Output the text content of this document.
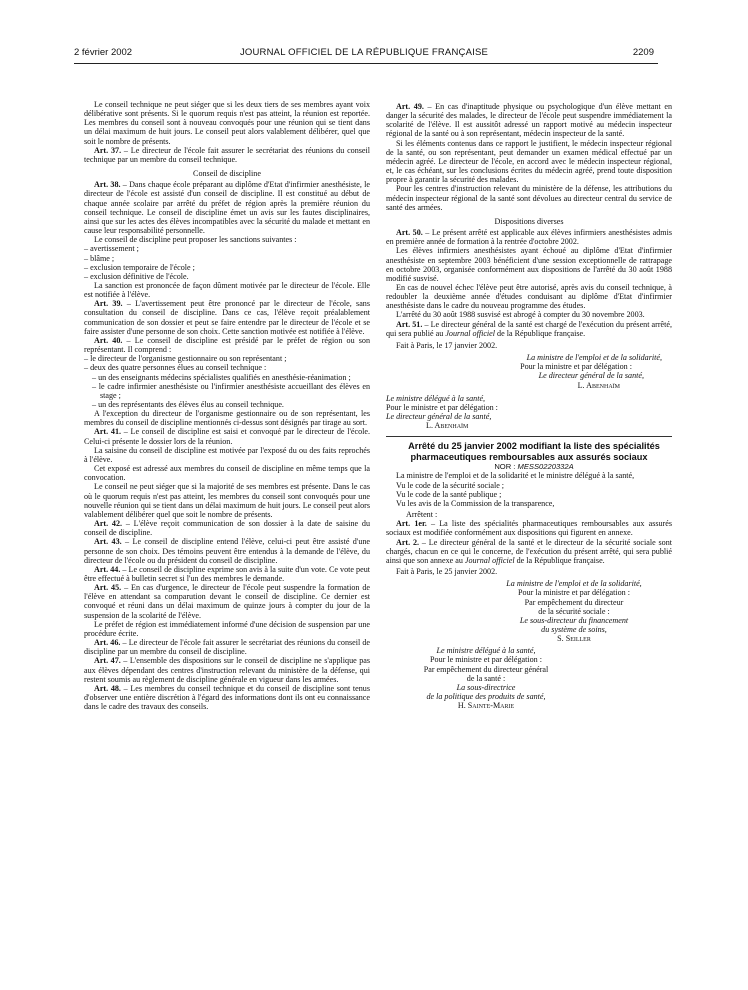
2 février 2002	JOURNAL OFFICIEL DE LA RÉPUBLIQUE FRANÇAISE	2209

Le conseil technique ne peut siéger que si les deux tiers de ses membres ayant voix délibérative sont présents. Si le quorum requis n'est pas atteint, la réunion est reportée. Les membres du conseil sont à nouveau convoqués pour une réunion qui se tient dans un délai maximum de huit jours. Le conseil peut alors valablement délibérer, quel que soit le nombre de présents.

Art. 37. – Le directeur de l'école fait assurer le secrétariat des réunions du conseil technique par un membre du conseil technique.

Conseil de discipline

Art. 38. – Dans chaque école préparant au diplôme d'Etat d'infirmier anesthésiste, le directeur de l'école est assisté d'un conseil de discipline. Il est constitué au début de chaque année scolaire par arrêté du préfet de région après la première réunion du conseil technique. Le conseil de discipline émet un avis sur les fautes disciplinaires, ainsi que sur les actes des élèves incompatibles avec la sécurité du malade et mettant en cause leur responsabilité personnelle.

Le conseil de discipline peut proposer les sanctions suivantes :

– avertissement ;

– blâme ;

– exclusion temporaire de l'école ;

– exclusion définitive de l'école.

La sanction est prononcée de façon dûment motivée par le directeur de l'école. Elle est notifiée à l'élève.

Art. 39. – L'avertissement peut être prononcé par le directeur de l'école, sans consultation du conseil de discipline. Dans ce cas, l'élève reçoit préalablement communication de son dossier et peut se faire entendre par le directeur de l'école et se faire assister d'une personne de son choix. Cette sanction motivée est notifiée à l'élève.

Art. 40. – Le conseil de discipline est présidé par le préfet de région ou son représentant. Il comprend :

– le directeur de l'organisme gestionnaire ou son représentant ;

– deux des quatre personnes élues au conseil technique :

– un des enseignants médecins spécialistes qualifiés en anesthésie-réanimation ;

– le cadre infirmier anesthésiste ou l'infirmier anesthésiste accueillant des élèves en stage ;

– un des représentants des élèves élus au conseil technique.

A l'exception du directeur de l'organisme gestionnaire ou de son représentant, les membres du conseil de discipline mentionnés ci-dessus sont désignés par tirage au sort.

Art. 41. – Le conseil de discipline est saisi et convoqué par le directeur de l'école. Celui-ci présente le dossier lors de la réunion.

La saisine du conseil de discipline est motivée par l'exposé du ou des faits reprochés à l'élève.

Cet exposé est adressé aux membres du conseil de discipline en même temps que la convocation.

Le conseil ne peut siéger que si la majorité de ses membres est présente. Dans le cas où le quorum requis n'est pas atteint, les membres du conseil sont convoqués pour une nouvelle réunion qui se tient dans un délai maximum de huit jours. Le conseil peut alors valablement délibérer quel que soit le nombre de présents.

Art. 42. – L'élève reçoit communication de son dossier à la date de saisine du conseil de discipline.

Art. 43. – Le conseil de discipline entend l'élève, celui-ci peut être assisté d'une personne de son choix. Des témoins peuvent être entendus à la demande de l'élève, du directeur de l'école ou du président du conseil de discipline.

Art. 44. – Le conseil de discipline exprime son avis à la suite d'un vote. Ce vote peut être effectué à bulletin secret si l'un des membres le demande.

Art. 45. – En cas d'urgence, le directeur de l'école peut suspendre la formation de l'élève en attendant sa comparution devant le conseil de discipline. Ce dernier est convoqué et réuni dans un délai maximum de quinze jours à compter du jour de la suspension de la scolarité de l'élève.

Le préfet de région est immédiatement informé d'une décision de suspension par une procédure écrite.

Art. 46. – Le directeur de l'école fait assurer le secrétariat des réunions du conseil de discipline par un membre du conseil de discipline.

Art. 47. – L'ensemble des dispositions sur le conseil de discipline ne s'applique pas aux élèves dépendant des centres d'instruction relevant du ministère de la défense, qui restent soumis au règlement de discipline générale en vigueur dans les armées.

Art. 48. – Les membres du conseil technique et du conseil de discipline sont tenus d'observer une entière discrétion à l'égard des informations dont ils ont eu connaissance dans le cadre des travaux des conseils.

Art. 49. – En cas d'inaptitude physique ou psychologique d'un élève mettant en danger la sécurité des malades, le directeur de l'école peut suspendre immédiatement la scolarité de l'élève. Il est aussitôt adressé un rapport motivé au médecin inspecteur régional de la santé ou à son représentant, médecin inspecteur de la santé.

Si les éléments contenus dans ce rapport le justifient, le médecin inspecteur régional de la santé, ou son représentant, peut demander un examen médical effectué par un médecin agréé. Le directeur de l'école, en accord avec le médecin inspecteur régional, et, le cas échéant, sur les conclusions écrites du médecin agréé, prend toute disposition propre à garantir la sécurité des malades.

Pour les centres d'instruction relevant du ministère de la défense, les attributions du médecin inspecteur régional de la santé sont dévolues au directeur central du service de santé des armées.

Dispositions diverses

Art. 50. – Le présent arrêté est applicable aux élèves infirmiers anesthésistes admis en première année de formation à la rentrée d'octobre 2002.

Les élèves infirmiers anesthésistes ayant échoué au diplôme d'Etat d'infirmier anesthésiste en septembre 2003 bénéficient d'une session exceptionnelle de rattrapage en octobre 2003, organisée conformément aux dispositions de l'arrêté du 30 août 1988 modifié susvisé.

En cas de nouvel échec l'élève peut être autorisé, après avis du conseil technique, à redoubler la deuxième année d'études conduisant au diplôme d'Etat d'infirmier anesthésiste dans le cadre du nouveau programme des études.

L'arrêté du 30 août 1988 susvisé est abrogé à compter du 30 novembre 2003.

Art. 51. – Le directeur général de la santé est chargé de l'exécution du présent arrêté, qui sera publié au Journal officiel de la République française.

Fait à Paris, le 17 janvier 2002.

La ministre de l'emploi et de la solidarité,

Pour la ministre et par délégation :

Le directeur général de la santé,

L. Abenhaïm

Le ministre délégué à la santé,

Pour le ministre et par délégation :

Le directeur général de la santé,

L. Abenhaïm

Arrêté du 25 janvier 2002 modifiant la liste des spécialités pharmaceutiques remboursables aux assurés sociaux

NOR : MESS0220332A

La ministre de l'emploi et de la solidarité et le ministre délégué à la santé,

Vu le code de la sécurité sociale ;

Vu le code de la santé publique ;

Vu les avis de la Commission de la transparence,

Arrêtent :

Art. 1er. – La liste des spécialités pharmaceutiques remboursables aux assurés sociaux est modifiée conformément aux dispositions qui figurent en annexe.

Art. 2. – Le directeur général de la santé et le directeur de la sécurité sociale sont chargés, chacun en ce qui le concerne, de l'exécution du présent arrêté, qui sera publié ainsi que son annexe au Journal officiel de la République française.

Fait à Paris, le 25 janvier 2002.

La ministre de l'emploi et de la solidarité,

Pour la ministre et par délégation :

Par empêchement du directeur

de la sécurité sociale :

Le sous-directeur du financement

du système de soins,

S. Seiller

Le ministre délégué à la santé,

Pour le ministre et par délégation :

Par empêchement du directeur général

de la santé :

La sous-directrice

de la politique des produits de santé,

H. Sainte-Marie
